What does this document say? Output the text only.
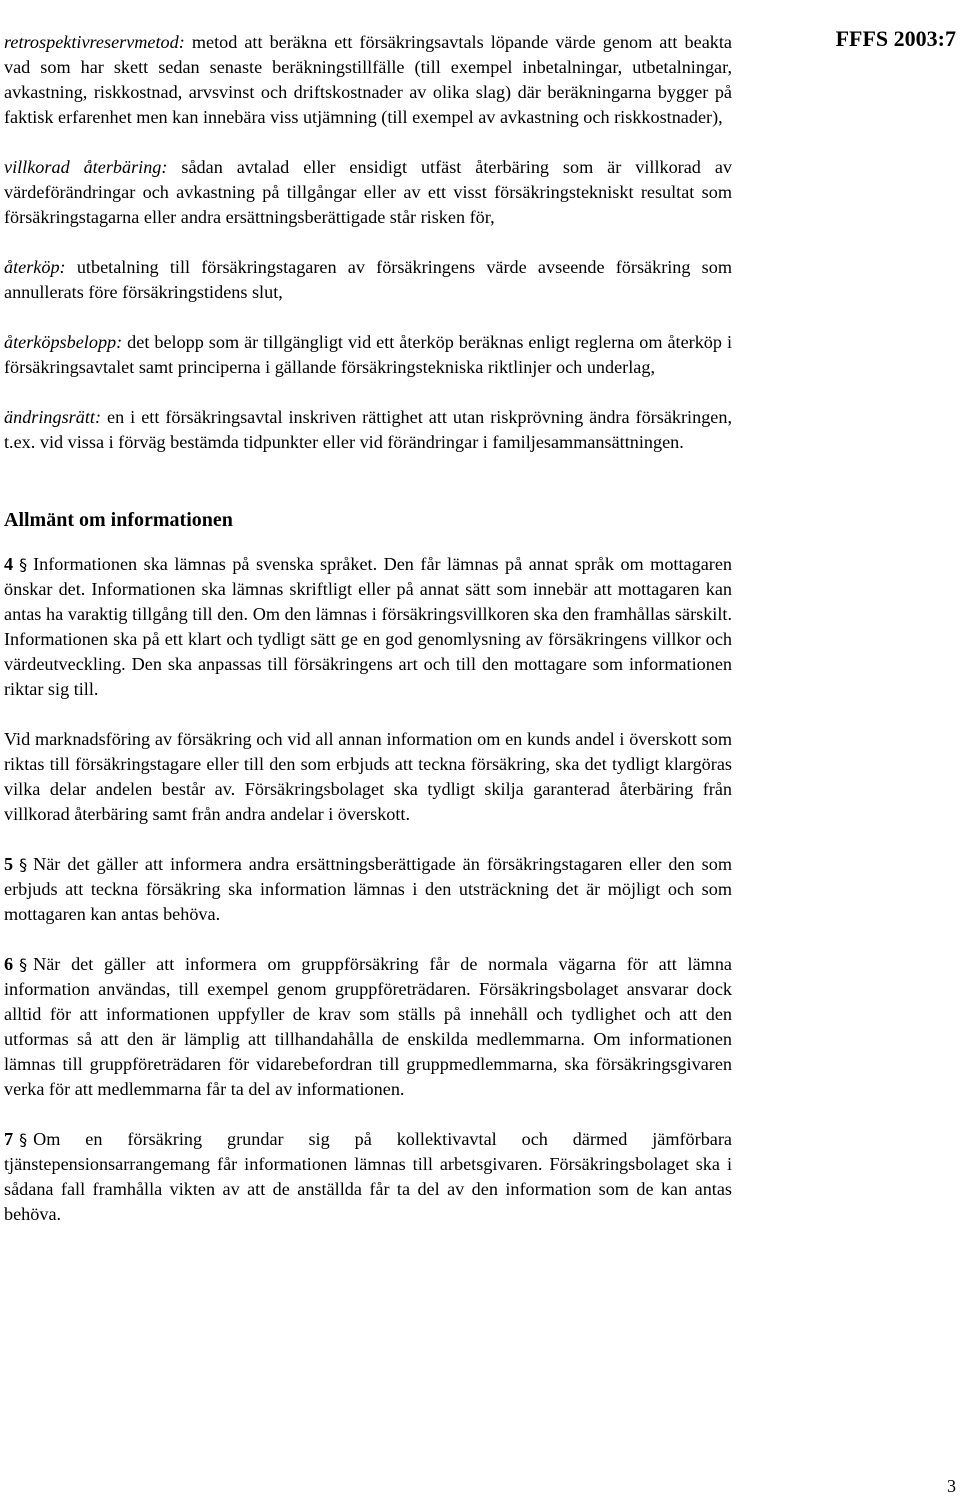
FFFS 2003:7

retrospektivreservmetod: metod att beräkna ett försäkringsavtals löpande värde genom att beakta vad som har skett sedan senaste beräkningstillfälle (till exempel inbetalningar, utbetalningar, avkastning, riskkostnad, arvsvinst och driftskostnader av olika slag) där beräkningarna bygger på faktisk erfarenhet men kan innebära viss utjämning (till exempel av avkastning och riskkostnader),

villkorad återbäring: sådan avtalad eller ensidigt utfäst återbäring som är villkorad av värdeförändringar och avkastning på tillgångar eller av ett visst försäkringstekniskt resultat som försäkringstagarna eller andra ersättningsberättigade står risken för,

återköp: utbetalning till försäkringstagaren av försäkringens värde avseende försäkring som annullerats före försäkringstidens slut,

återköpsbelopp: det belopp som är tillgängligt vid ett återköp beräknas enligt reglerna om återköp i försäkringsavtalet samt principerna i gällande försäkringstekniska riktlinjer och underlag,

ändringsrätt: en i ett försäkringsavtal inskriven rättighet att utan riskprövning ändra försäkringen, t.ex. vid vissa i förväg bestämda tidpunkter eller vid förändringar i familjesammansättningen.

Allmänt om informationen

4 § Informationen ska lämnas på svenska språket. Den får lämnas på annat språk om mottagaren önskar det. Informationen ska lämnas skriftligt eller på annat sätt som innebär att mottagaren kan antas ha varaktig tillgång till den. Om den lämnas i försäkringsvillkoren ska den framhållas särskilt. Informationen ska på ett klart och tydligt sätt ge en god genomlysning av försäkringens villkor och värdeutveckling. Den ska anpassas till försäkringens art och till den mottagare som informationen riktar sig till.

Vid marknadsföring av försäkring och vid all annan information om en kunds andel i överskott som riktas till försäkringstagare eller till den som erbjuds att teckna försäkring, ska det tydligt klargöras vilka delar andelen består av. Försäkringsbolaget ska tydligt skilja garanterad återbäring från villkorad återbäring samt från andra andelar i överskott.

5 § När det gäller att informera andra ersättningsberättigade än försäkringstagaren eller den som erbjuds att teckna försäkring ska information lämnas i den utsträckning det är möjligt och som mottagaren kan antas behöva.

6 § När det gäller att informera om gruppförsäkring får de normala vägarna för att lämna information användas, till exempel genom gruppföreträdaren. Försäkringsbolaget ansvarar dock alltid för att informationen uppfyller de krav som ställs på innehåll och tydlighet och att den utformas så att den är lämplig att tillhandahålla de enskilda medlemmarna. Om informationen lämnas till gruppföreträdaren för vidarebefordran till gruppmedlemmarna, ska försäkringsgivaren verka för att medlemmarna får ta del av informationen.

7 § Om en försäkring grundar sig på kollektivavtal och därmed jämförbara tjänstepensionsarrangemang får informationen lämnas till arbetsgivaren. Försäkringsbolaget ska i sådana fall framhålla vikten av att de anställda får ta del av den information som de kan antas behöva.

3
